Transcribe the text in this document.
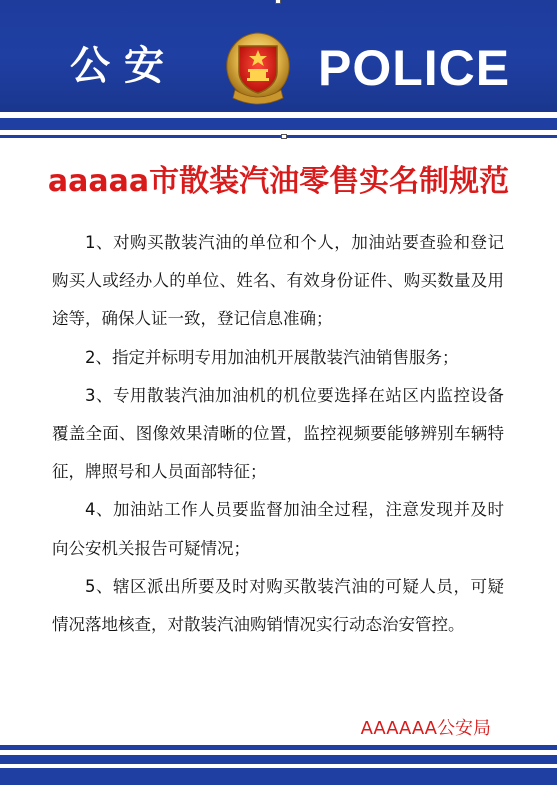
公安	POLICE
aaaaa市散装汽油零售实名制规范

1、对购买散装汽油的单位和个人，加油站要查验和登记购买人或经办人的单位、姓名、有效身份证件、购买数量及用途等，确保人证一致，登记信息准确；

2、指定并标明专用加油机开展散装汽油销售服务；

3、专用散装汽油加油机的机位要选择在站区内监控设备覆盖全面、图像效果清晰的位置，监控视频要能够辨别车辆特征，牌照号和人员面部特征；

4、加油站工作人员要监督加油全过程，注意发现并及时向公安机关报告可疑情况；

5、辖区派出所要及时对购买散装汽油的可疑人员，可疑情况落地核查，对散装汽油购销情况实行动态治安管控。

AAAAAA公安局
